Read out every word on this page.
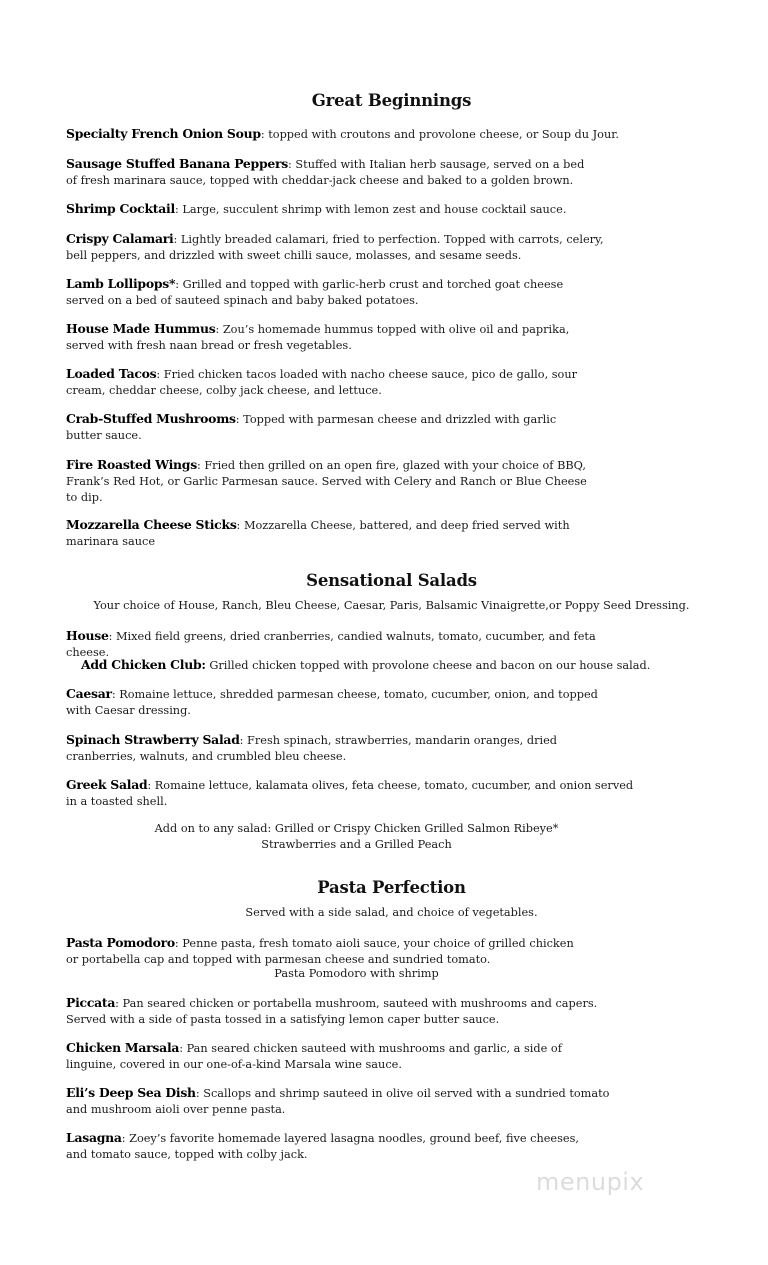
Great Beginnings
Specialty French Onion Soup: topped with croutons and provolone cheese, or Soup du Jour.
Sausage Stuffed Banana Peppers: Stuffed with Italian herb sausage, served on a bed of fresh marinara sauce, topped with cheddar-jack cheese and baked to a golden brown.
Shrimp Cocktail: Large, succulent shrimp with lemon zest and house cocktail sauce.
Crispy Calamari: Lightly breaded calamari, fried to perfection. Topped with carrots, celery, bell peppers, and drizzled with sweet chilli sauce, molasses, and sesame seeds.
Lamb Lollipops*: Grilled and topped with garlic-herb crust and torched goat cheese served on a bed of sauteed spinach and baby baked potatoes.
House Made Hummus: Zou’s homemade hummus topped with olive oil and paprika, served with fresh naan bread or fresh vegetables.
Loaded Tacos: Fried chicken tacos loaded with nacho cheese sauce, pico de gallo, sour cream, cheddar cheese, colby jack cheese, and lettuce.
Crab-Stuffed Mushrooms: Topped with parmesan cheese and drizzled with garlic butter sauce.
Fire Roasted Wings: Fried then grilled on an open fire, glazed with your choice of BBQ, Frank’s Red Hot, or Garlic Parmesan sauce. Served with Celery and Ranch or Blue Cheese to dip.
Mozzarella Cheese Sticks: Mozzarella Cheese, battered, and deep fried served with marinara sauce
Sensational Salads
Your choice of House, Ranch, Bleu Cheese, Caesar, Paris, Balsamic Vinaigrette,or Poppy Seed Dressing.
House: Mixed field greens, dried cranberries, candied walnuts, tomato, cucumber, and feta cheese.
Add Chicken Club: Grilled chicken topped with provolone cheese and bacon on our house salad.
Caesar: Romaine lettuce, shredded parmesan cheese, tomato, cucumber, onion, and topped with Caesar dressing.
Spinach Strawberry Salad: Fresh spinach, strawberries, mandarin oranges, dried cranberries, walnuts, and crumbled bleu cheese.
Greek Salad: Romaine lettuce, kalamata olives, feta cheese, tomato, cucumber, and onion served in a toasted shell.
Add on to any salad: Grilled or Crispy Chicken Grilled Salmon Ribeye*
Strawberries and a Grilled Peach
Pasta Perfection
Served with a side salad, and choice of vegetables.
Pasta Pomodoro: Penne pasta, fresh tomato aioli sauce, your choice of grilled chicken or portabella cap and topped with parmesan cheese and sundried tomato.
Pasta Pomodoro with shrimp
Piccata: Pan seared chicken or portabella mushroom, sauteed with mushrooms and capers. Served with a side of pasta tossed in a satisfying lemon caper butter sauce.
Chicken Marsala: Pan seared chicken sauteed with mushrooms and garlic, a side of linguine, covered in our one-of-a-kind Marsala wine sauce.
Eli’s Deep Sea Dish: Scallops and shrimp sauteed in olive oil served with a sundried tomato and mushroom aioli over penne pasta.
Lasagna: Zoey’s favorite homemade layered lasagna noodles, ground beef, five cheeses, and tomato sauce, topped with colby jack.
menupix
